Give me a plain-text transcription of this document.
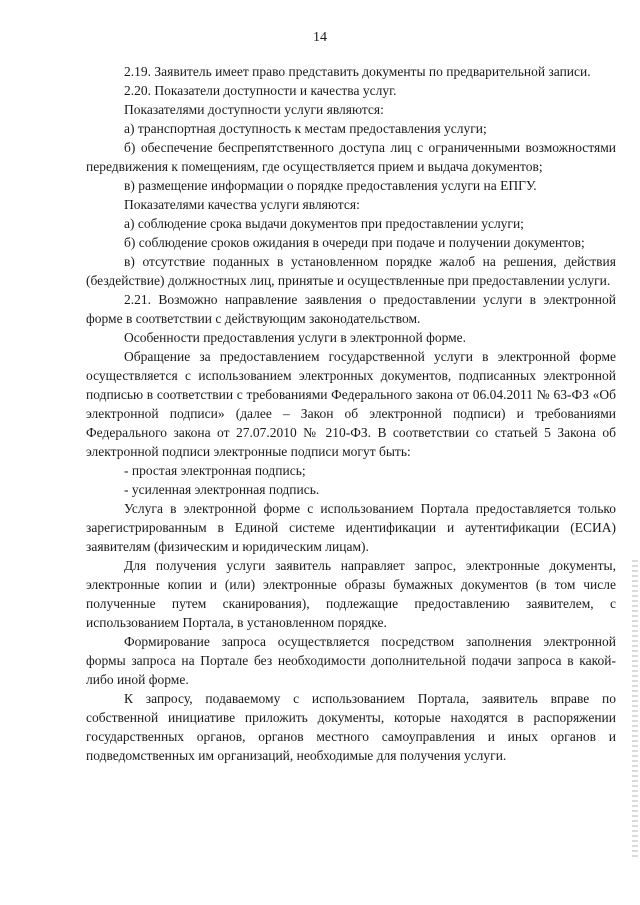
14

2.19. Заявитель имеет право представить документы по предварительной записи.

2.20. Показатели доступности и качества услуг.

Показателями доступности услуги являются:

а) транспортная доступность к местам предоставления услуги;

б) обеспечение беспрепятственного доступа лиц с ограниченными возможностями передвижения к помещениям, где осуществляется прием и выдача документов;

в) размещение информации о порядке предоставления услуги на ЕПГУ.

Показателями качества услуги являются:

а) соблюдение срока выдачи документов при предоставлении услуги;

б) соблюдение сроков ожидания в очереди при подаче и получении документов;

в) отсутствие поданных в установленном порядке жалоб на решения, действия (бездействие) должностных лиц, принятые и осуществленные при предоставлении услуги.

2.21. Возможно направление заявления о предоставлении услуги в электронной форме в соответствии с действующим законодательством.

Особенности предоставления услуги в электронной форме.

Обращение за предоставлением государственной услуги в электронной форме осуществляется с использованием электронных документов, подписанных электронной подписью в соответствии с требованиями Федерального закона от 06.04.2011 № 63-ФЗ «Об электронной подписи» (далее – Закон об электронной подписи) и требованиями Федерального закона от 27.07.2010 № 210-ФЗ. В соответствии со статьей 5 Закона об электронной подписи электронные подписи могут быть:

- простая электронная подпись;

- усиленная электронная подпись.

Услуга в электронной форме с использованием Портала предоставляется только зарегистрированным в Единой системе идентификации и аутентификации (ЕСИА) заявителям (физическим и юридическим лицам).

Для получения услуги заявитель направляет запрос, электронные документы, электронные копии и (или) электронные образы бумажных документов (в том числе полученные путем сканирования), подлежащие предоставлению заявителем, с использованием Портала, в установленном порядке.

Формирование запроса осуществляется посредством заполнения электронной формы запроса на Портале без необходимости дополнительной подачи запроса в какой-либо иной форме.

К запросу, подаваемому с использованием Портала, заявитель вправе по собственной инициативе приложить документы, которые находятся в распоряжении государственных органов, органов местного самоуправления и иных органов и подведомственных им организаций, необходимые для получения услуги.
